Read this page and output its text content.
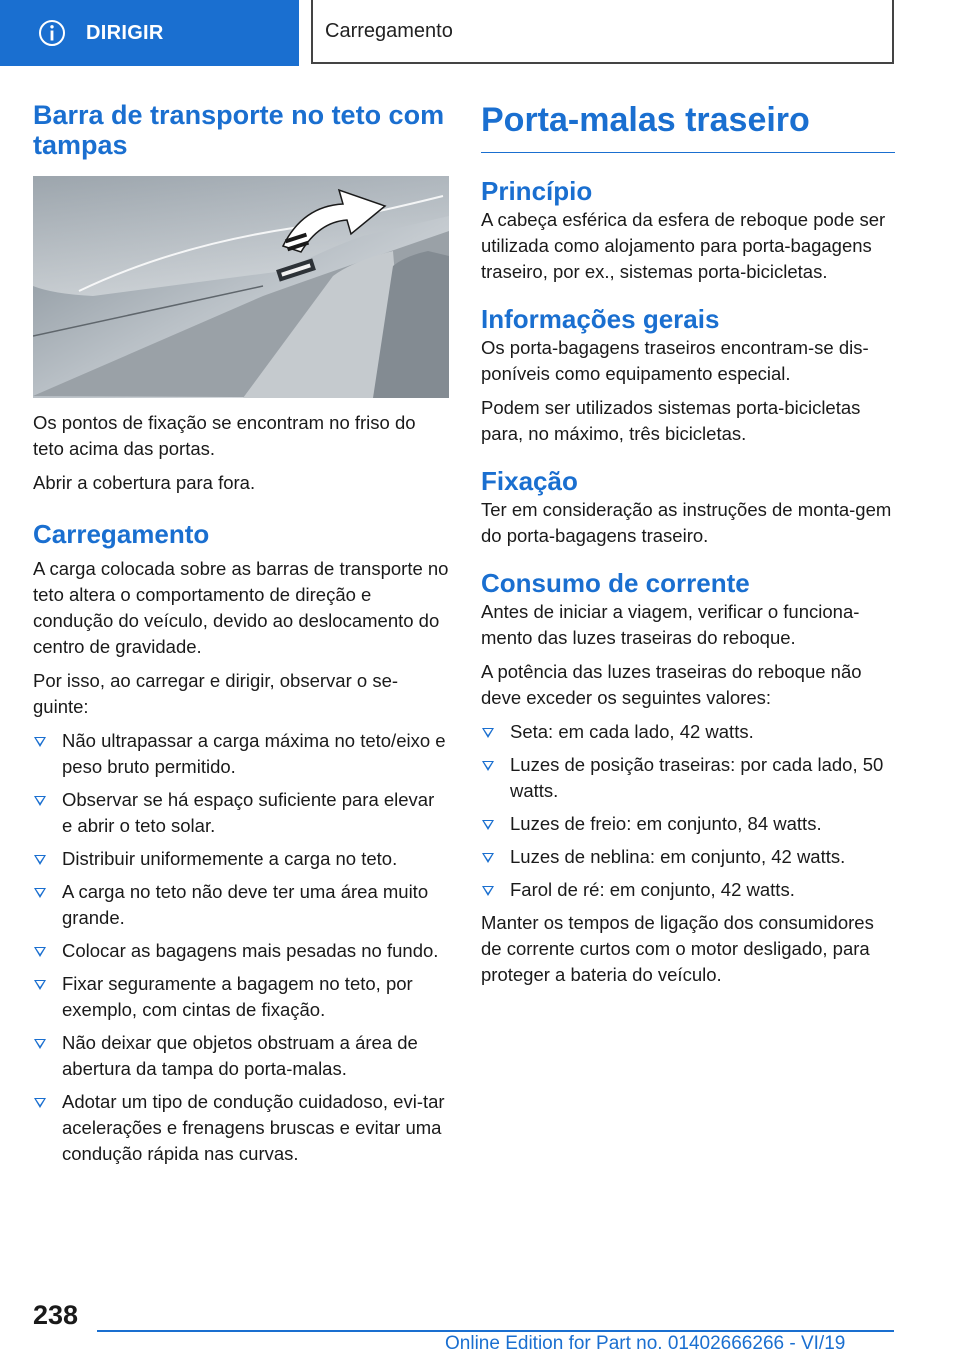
DIRIGIR	Carregamento
Barra de transporte no teto com tampas

Os pontos de fixação se encontram no friso do teto acima das portas.

Abrir a cobertura para fora.

Carregamento

A carga colocada sobre as barras de transporte no teto altera o comportamento de direção e condução do veículo, devido ao deslocamento do centro de gravidade.

Por isso, ao carregar e dirigir, observar o se-guinte:

Não ultrapassar a carga máxima no teto/eixo e peso bruto permitido.
Observar se há espaço suficiente para elevar e abrir o teto solar.
Distribuir uniformemente a carga no teto.
A carga no teto não deve ter uma área muito grande.
Colocar as bagagens mais pesadas no fundo.
Fixar seguramente a bagagem no teto, por exemplo, com cintas de fixação.
Não deixar que objetos obstruam a área de abertura da tampa do porta-malas.
Adotar um tipo de condução cuidadoso, evi-tar acelerações e frenagens bruscas e evitar uma condução rápida nas curvas.
Porta-malas traseiro
Princípio

A cabeça esférica da esfera de reboque pode ser utilizada como alojamento para porta-bagagens traseiro, por ex., sistemas porta-bicicletas.

Informações gerais

Os porta-bagagens traseiros encontram-se dis-poníveis como equipamento especial.

Podem ser utilizados sistemas porta-bicicletas para, no máximo, três bicicletas.

Fixação

Ter em consideração as instruções de monta-gem do porta-bagagens traseiro.

Consumo de corrente

Antes de iniciar a viagem, verificar o funciona-mento das luzes traseiras do reboque.

A potência das luzes traseiras do reboque não deve exceder os seguintes valores:

Seta: em cada lado, 42 watts.
Luzes de posição traseiras: por cada lado, 50 watts.
Luzes de freio: em conjunto, 84 watts.
Luzes de neblina: em conjunto, 42 watts.
Farol de ré: em conjunto, 42 watts.

Manter os tempos de ligação dos consumidores de corrente curtos com o motor desligado, para proteger a bateria do veículo.

238
Online Edition for Part no. 01402666266 - VI/19
